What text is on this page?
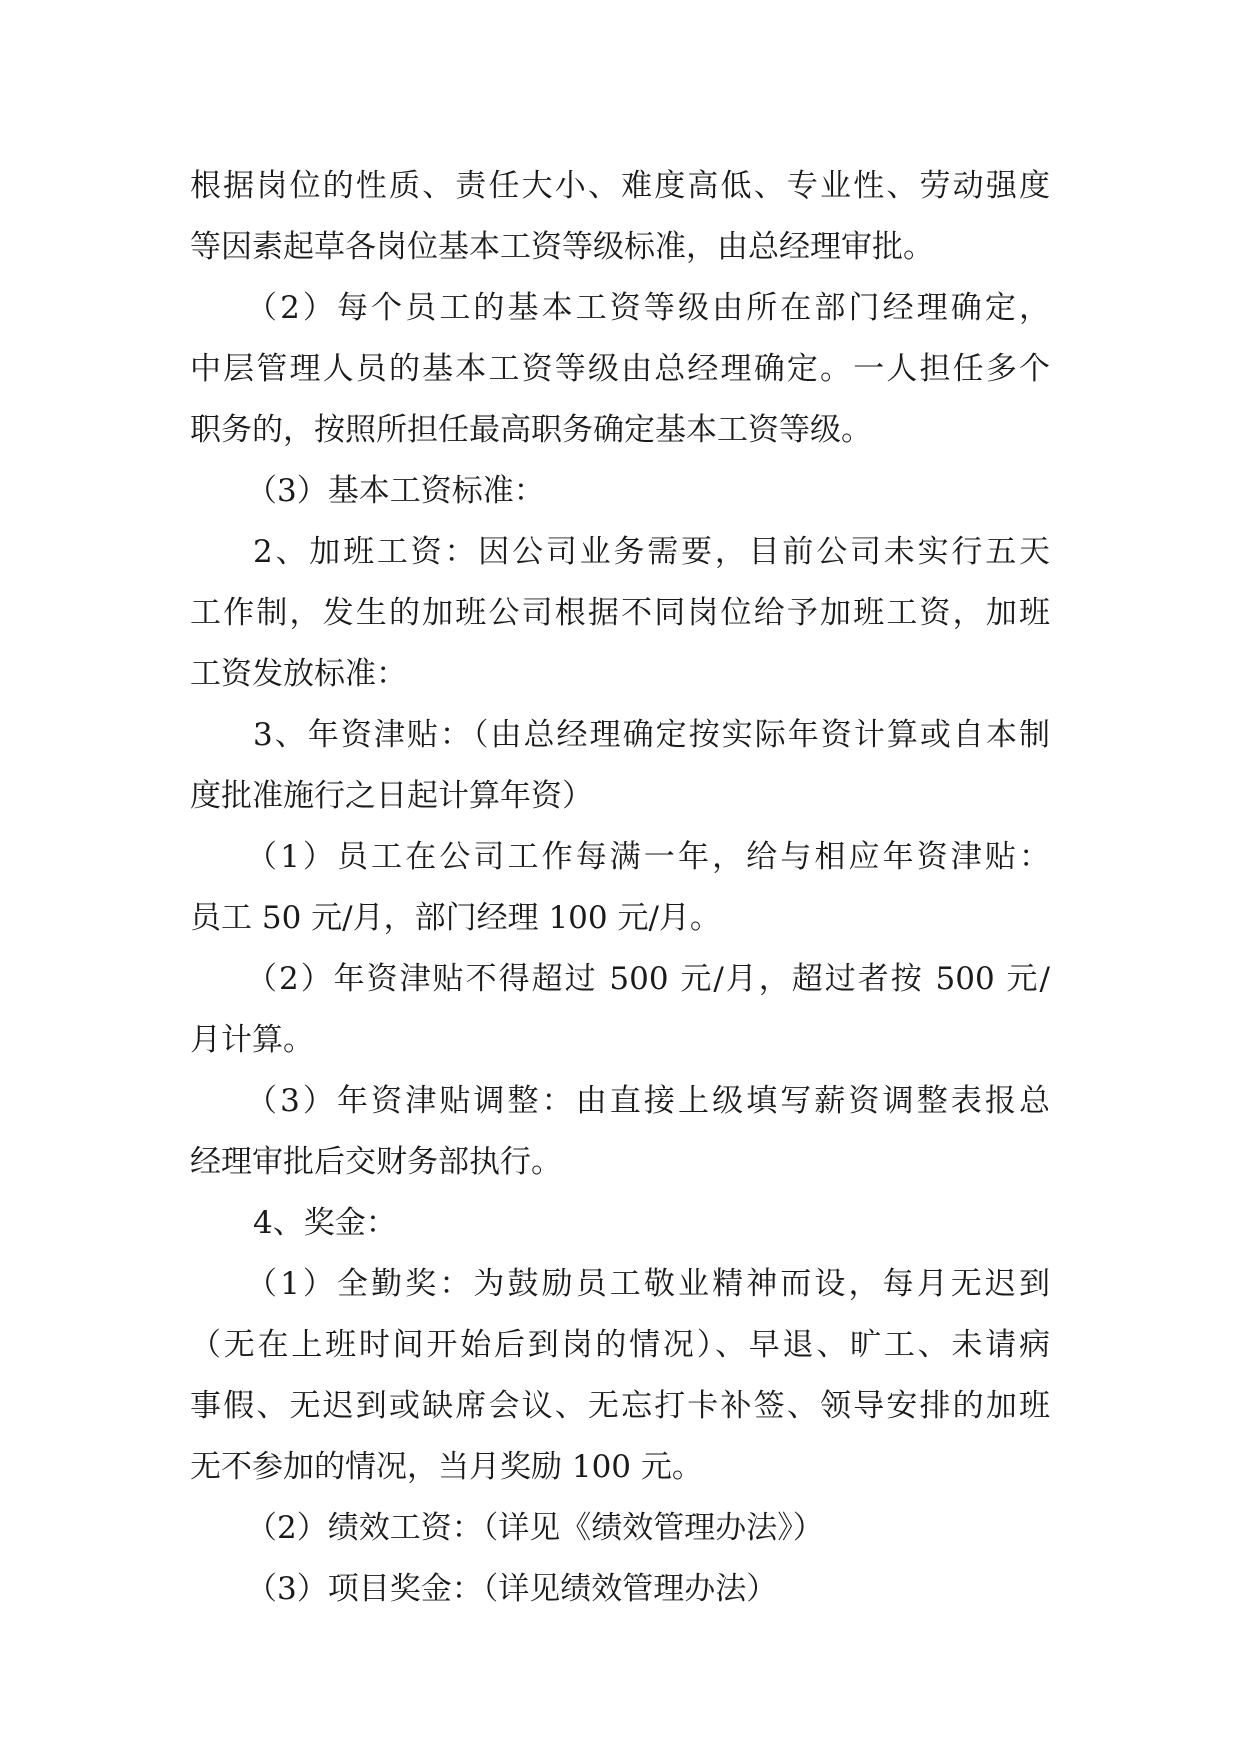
根据岗位的性质、责任大小、难度高低、专业性、劳动强度
等因素起草各岗位基本工资等级标准，由总经理审批。
（2）每个员工的基本工资等级由所在部门经理确定，
中层管理人员的基本工资等级由总经理确定。一人担任多个
职务的，按照所担任最高职务确定基本工资等级。
（3）基本工资标准：
2、加班工资：因公司业务需要，目前公司未实行五天
工作制，发生的加班公司根据不同岗位给予加班工资，加班
工资发放标准：
3、年资津贴：（由总经理确定按实际年资计算或自本制
度批准施行之日起计算年资）
（1）员工在公司工作每满一年，给与相应年资津贴：
员工 50 元/月，部门经理 100 元/月。
（2）年资津贴不得超过 500 元/月，超过者按 500 元/
月计算。
（3）年资津贴调整：由直接上级填写薪资调整表报总
经理审批后交财务部执行。
4、奖金：
（1）全勤奖：为鼓励员工敬业精神而设，每月无迟到
（无在上班时间开始后到岗的情况）、早退、旷工、未请病
事假、无迟到或缺席会议、无忘打卡补签、领导安排的加班
无不参加的情况，当月奖励 100 元。
（2）绩效工资：（详见《绩效管理办法》）
（3）项目奖金：（详见绩效管理办法）
